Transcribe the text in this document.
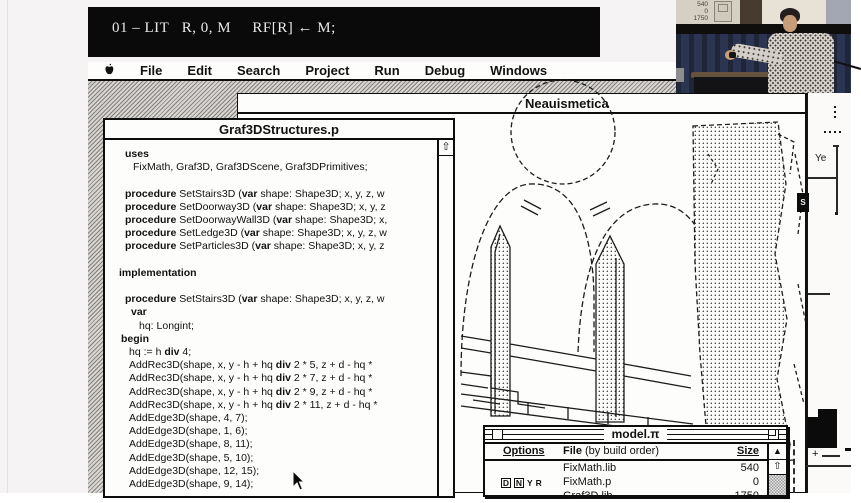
01 – LIT   R, 0, M     RF[R] ← M;
File Edit Search Project Run Debug Windows
Neauismetica
Ye
S
Graf3DStructures.p
uses
FixMath, Graf3D, Graf3DScene, Graf3DPrimitives;

procedure SetStairs3D (var shape: Shape3D; x, y, z, w
procedure SetDoorway3D (var shape: Shape3D; x, y, z
procedure SetDoorwayWall3D (var shape: Shape3D; x,
procedure SetLedge3D (var shape: Shape3D; x, y, z, w
procedure SetParticles3D (var shape: Shape3D; x, y, z

implementation

procedure SetStairs3D (var shape: Shape3D; x, y, z, w
var
hq: Longint;
begin
hq := h div 4;
AddRec3D(shape, x, y - h + hq div 2 * 5, z + d - hq *
AddRec3D(shape, x, y - h + hq div 2 * 7, z + d - hq *
AddRec3D(shape, x, y - h + hq div 2 * 9, z + d - hq *
AddRec3D(shape, x, y - h + hq div 2 * 11, z + d - hq *
AddEdge3D(shape, 4, 7);
AddEdge3D(shape, 1, 6);
AddEdge3D(shape, 8, 11);
AddEdge3D(shape, 5, 10);
AddEdge3D(shape, 12, 15);
AddEdge3D(shape, 9, 14);
⇧
model.π
Options File (by build order)	Size
FixMath.lib	540
D N Y R FixMath.p	0
Graf3D.lib	1750
▲
⇧
+
540
0
1750
